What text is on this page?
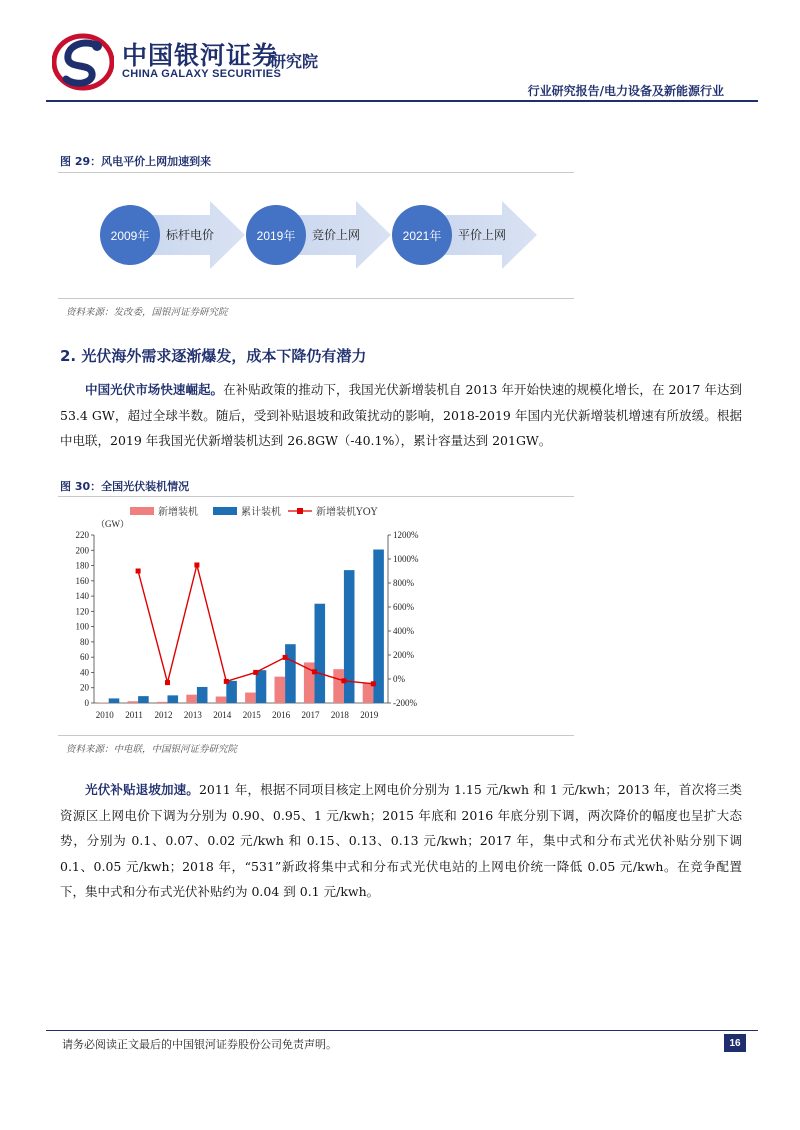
中国银河证券
CHINA GALAXY SECURITIES
研究院
行业研究报告/电力设备及新能源行业
图 29：风电平价上网加速到来
2009年	标杆电价	2019年	竞价上网	2021年	平价上网
资料来源：发改委，国银河证券研究院
2. 光伏海外需求逐渐爆发，成本下降仍有潜力
中国光伏市场快速崛起。在补贴政策的推动下，我国光伏新增装机自 2013 年开始快速的规模化增长，在 2017 年达到 53.4 GW，超过全球半数。随后，受到补贴退坡和政策扰动的影响，2018-2019 年国内光伏新增装机增速有所放缓。根据中电联，2019 年我国光伏新增装机达到 26.8GW（-40.1%），累计容量达到 201GW。
图 30：全国光伏装机情况
新增装机	累计装机	新增装机YOY
（GW）
0
20
40
60
80
100
120
140
160
180
200
220
-200%
0%
200%
400%
600%
800%
1000%
1200%
2010 2011 2012 2013 2014 2015 2016 2017 2018 2019
资料来源：中电联，中国银河证券研究院
光伏补贴退坡加速。2011 年，根据不同项目核定上网电价分别为 1.15 元/kwh 和 1 元/kwh；2013 年，首次将三类资源区上网电价下调为分别为 0.90、0.95、1 元/kwh；2015 年底和 2016 年底分别下调，两次降价的幅度也呈扩大态势，分别为 0.1、0.07、0.02 元/kwh 和 0.15、0.13、0.13 元/kwh；2017 年，集中式和分布式光伏补贴分别下调 0.1、0.05 元/kwh；2018 年，“531”新政将集中式和分布式光伏电站的上网电价统一降低 0.05 元/kwh。在竞争配置下，集中式和分布式光伏补贴约为 0.04 到 0.1 元/kwh。
请务必阅读正文最后的中国银河证券股份公司免责声明。	16
